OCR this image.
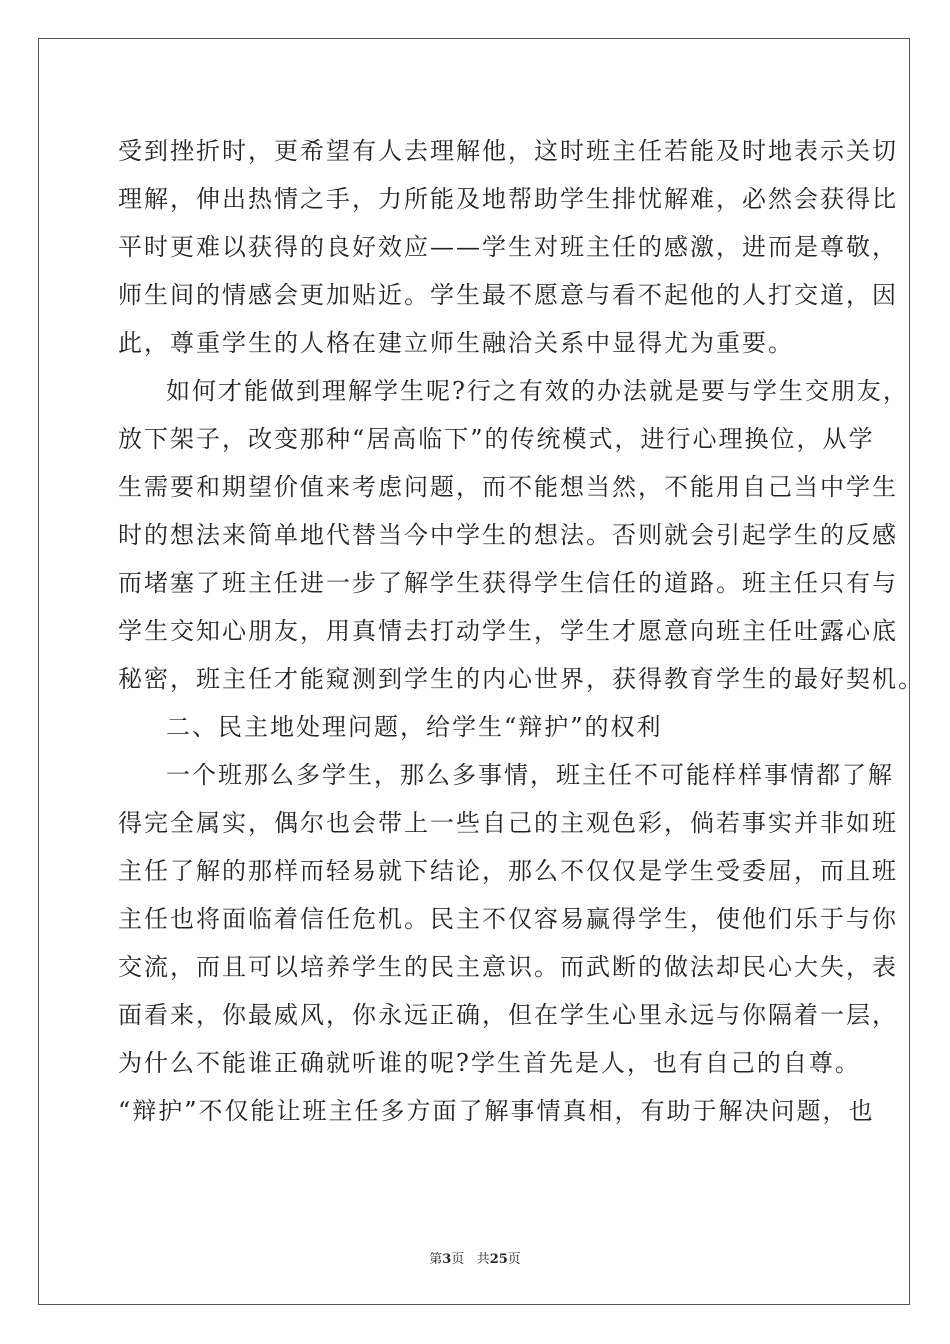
受到挫折时，更希望有人去理解他，这时班主任若能及时地表示关切
理解，伸出热情之手，力所能及地帮助学生排忧解难，必然会获得比
平时更难以获得的良好效应——学生对班主任的感激，进而是尊敬，
师生间的情感会更加贴近。学生最不愿意与看不起他的人打交道，因
此，尊重学生的人格在建立师生融洽关系中显得尤为重要。
如何才能做到理解学生呢?行之有效的办法就是要与学生交朋友，
放下架子，改变那种“居高临下”的传统模式，进行心理换位，从学
生需要和期望价值来考虑问题，而不能想当然，不能用自己当中学生
时的想法来简单地代替当今中学生的想法。否则就会引起学生的反感
而堵塞了班主任进一步了解学生获得学生信任的道路。班主任只有与
学生交知心朋友，用真情去打动学生，学生才愿意向班主任吐露心底
秘密，班主任才能窥测到学生的内心世界，获得教育学生的最好契机。
二、民主地处理问题，给学生“辩护”的权利
一个班那么多学生，那么多事情，班主任不可能样样事情都了解
得完全属实，偶尔也会带上一些自己的主观色彩，倘若事实并非如班
主任了解的那样而轻易就下结论，那么不仅仅是学生受委屈，而且班
主任也将面临着信任危机。民主不仅容易赢得学生，使他们乐于与你
交流，而且可以培养学生的民主意识。而武断的做法却民心大失，表
面看来，你最威风，你永远正确，但在学生心里永远与你隔着一层，
为什么不能谁正确就听谁的呢?学生首先是人，也有自己的自尊。
“辩护”不仅能让班主任多方面了解事情真相，有助于解决问题，也
第3页 共25页
